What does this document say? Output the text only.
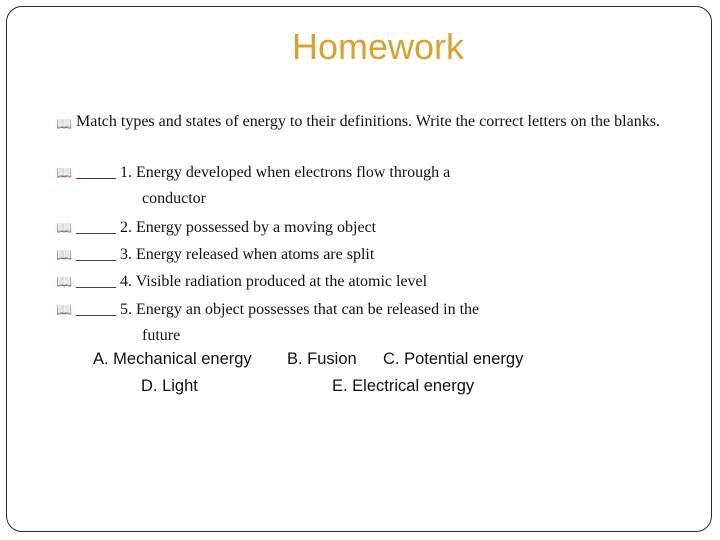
Homework
📖 Match types and states of energy to their definitions. Write the correct letters on the blanks.
📖 _____ 1. Energy developed when electrons flow through a
conductor
📖 _____ 2. Energy possessed by a moving object
📖 _____ 3. Energy released when atoms are split
📖 _____ 4. Visible radiation produced at the atomic level
📖 _____ 5. Energy an object possesses that can be released in the
future
A. Mechanical energy B. Fusion C. Potential energy
D. Light	E. Electrical energy
